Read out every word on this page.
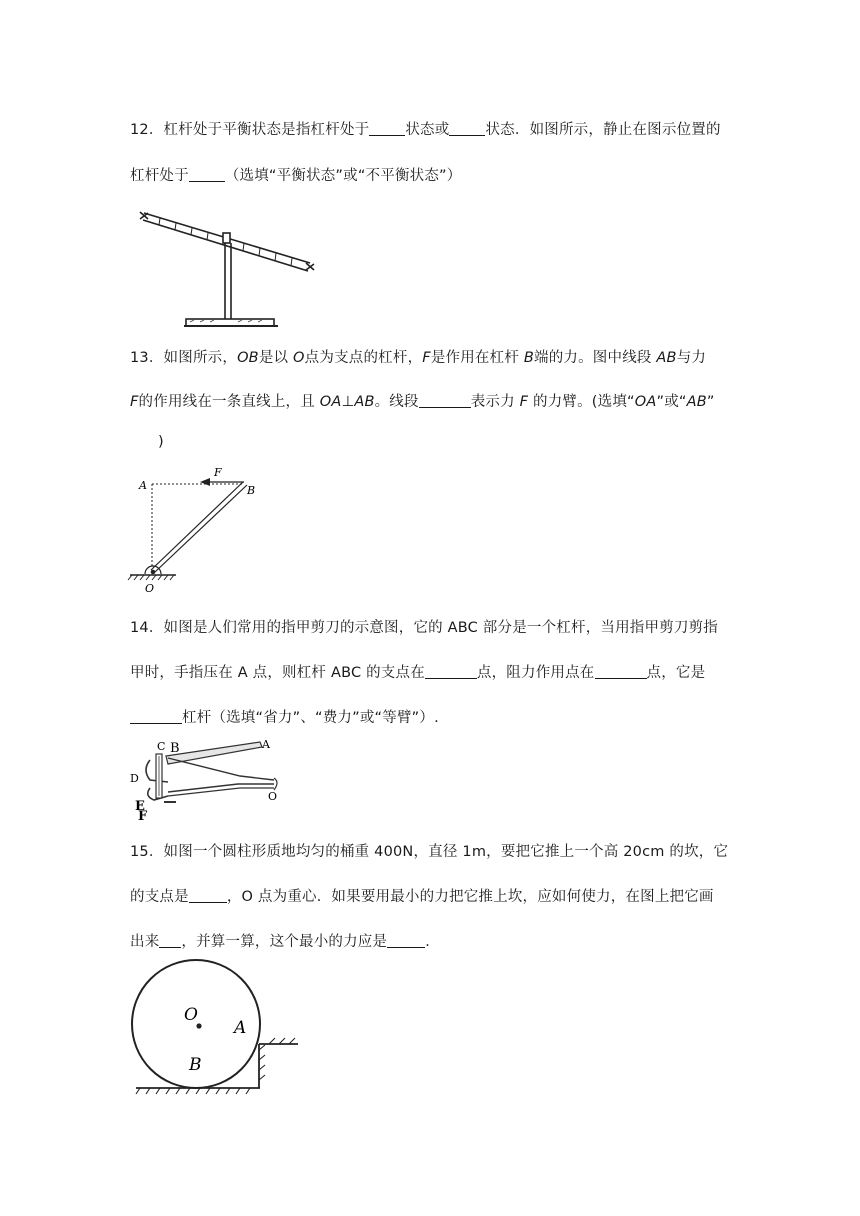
12．杠杆处于平衡状态是指杠杆处于 状态或 状态．如图所示，静止在图示位置的
杠杆处于 （选填“平衡状态”或“不平衡状态”）
13．如图所示，OB是以 O点为支点的杠杆，F是作用在杠杆 B端的力。图中线段 AB与力
F的作用线在一条直线上，且 OA⊥AB。线段	表示力 F 的力臂。(选填“OA”或“AB”
)
A
F
B
O
14．如图是人们常用的指甲剪刀的示意图，它的 ABC 部分是一个杠杆，当用指甲剪刀剪指
甲时，手指压在 A 点，则杠杆 ABC 的支点在	点，阻力作用点在	点，它是
杠杆（选填“省力”、“费力”或“等臂”）.
C B	A
D
E
F
O
15．如图一个圆柱形质地均匀的桶重 400N，直径 1m，要把它推上一个高 20cm 的坎，它
的支点是	，O 点为重心．如果要用最小的力把它推上坎，应如何使力，在图上把它画
出来 ，并算一算，这个最小的力应是	．
O
A
B
